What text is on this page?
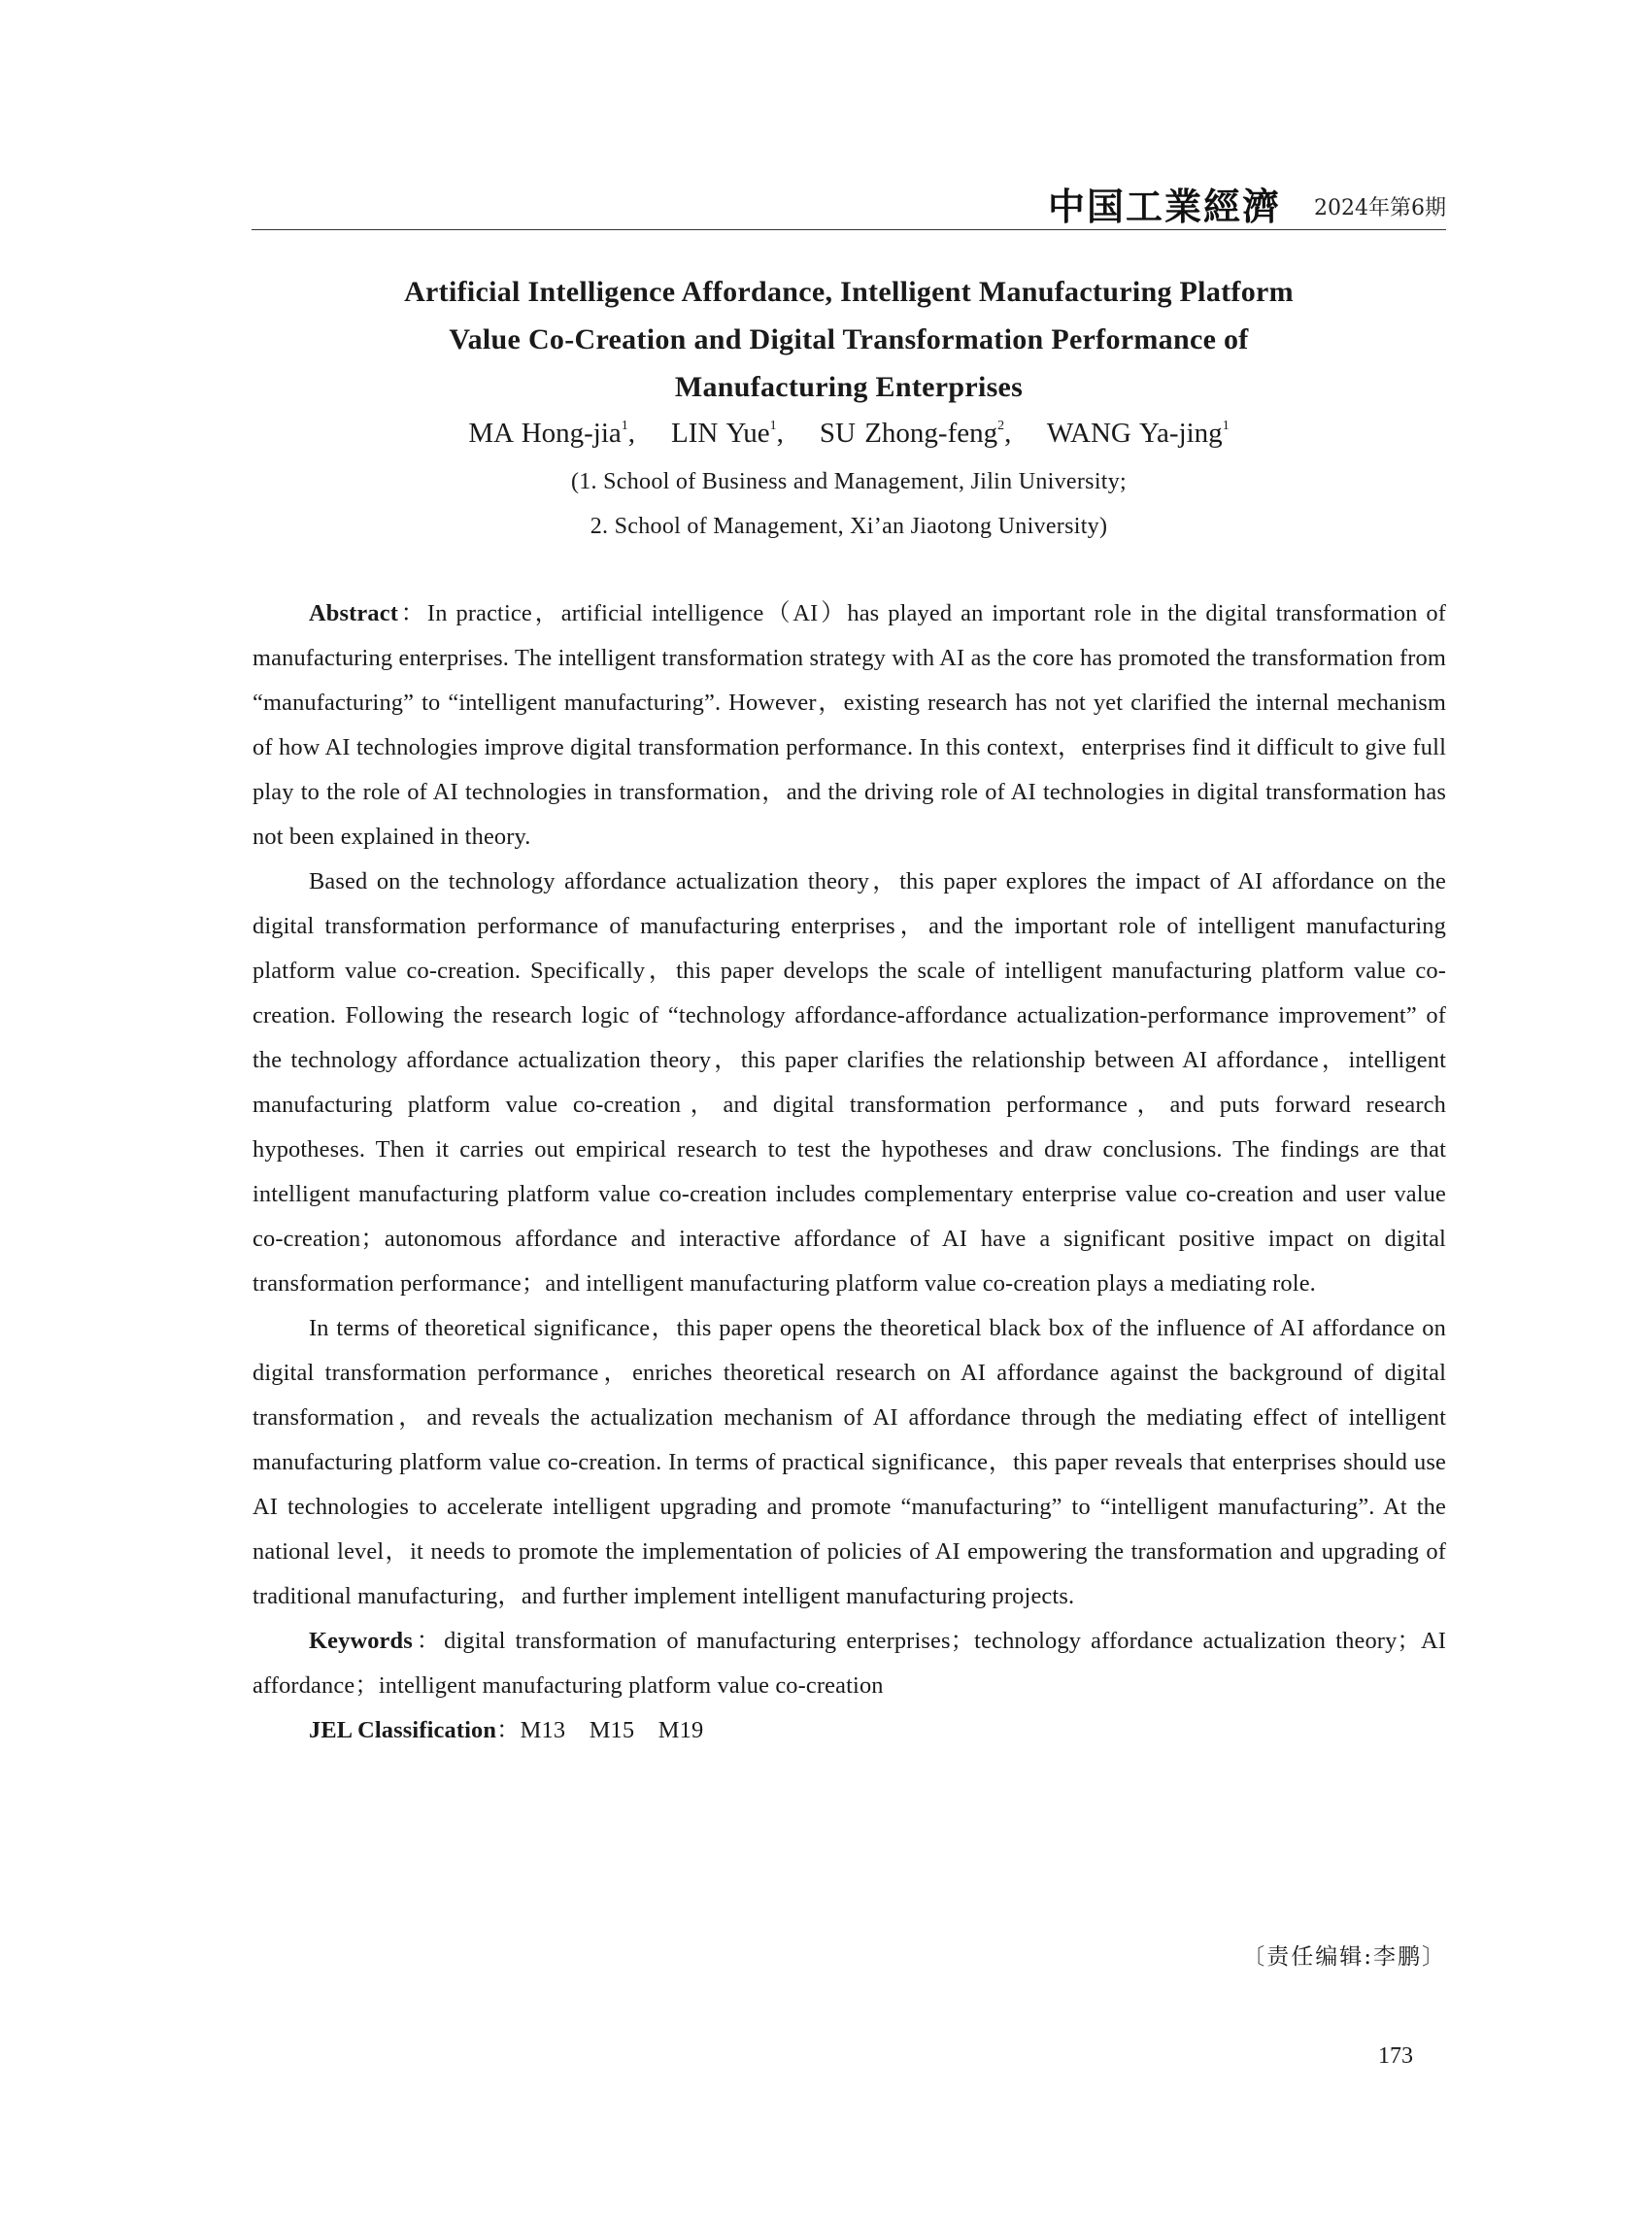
中国工業經濟 2024年第6期
Artificial Intelligence Affordance, Intelligent Manufacturing Platform
Value Co-Creation and Digital Transformation Performance of
Manufacturing Enterprises
MA Hong-jia$^1$, LIN Yue$^1$, SU Zhong-feng$^2$, WANG Ya-jing$^1$
(1. School of Business and Management, Jilin University;
2. School of Management, Xi’an Jiaotong University)

Abstract：In practice，artificial intelligence（AI）has played an important role in the digital transformation of manufacturing enterprises. The intelligent transformation strategy with AI as the core has promoted the transformation from “manufacturing” to “intelligent manufacturing”. However，existing research has not yet clarified the internal mechanism of how AI technologies improve digital transformation performance. In this context，enterprises find it difficult to give full play to the role of AI technologies in transformation，and the driving role of AI technologies in digital transformation has not been explained in theory.

Based on the technology affordance actualization theory，this paper explores the impact of AI affordance on the digital transformation performance of manufacturing enterprises，and the important role of intelligent manufacturing platform value co-creation. Specifically，this paper develops the scale of intelligent manufacturing platform value co-creation. Following the research logic of “technology affordance-affordance actualization-performance improvement” of the technology affordance actualization theory，this paper clarifies the relationship between AI affordance，intelligent manufacturing platform value co-creation，and digital transformation performance，and puts forward research hypotheses. Then it carries out empirical research to test the hypotheses and draw conclusions. The findings are that intelligent manufacturing platform value co-creation includes complementary enterprise value co-creation and user value co-creation；autonomous affordance and interactive affordance of AI have a significant positive impact on digital transformation performance；and intelligent manufacturing platform value co-creation plays a mediating role.

In terms of theoretical significance，this paper opens the theoretical black box of the influence of AI affordance on digital transformation performance，enriches theoretical research on AI affordance against the background of digital transformation，and reveals the actualization mechanism of AI affordance through the mediating effect of intelligent manufacturing platform value co-creation. In terms of practical significance，this paper reveals that enterprises should use AI technologies to accelerate intelligent upgrading and promote “manufacturing” to “intelligent manufacturing”. At the national level，it needs to promote the implementation of policies of AI empowering the transformation and upgrading of traditional manufacturing，and further implement intelligent manufacturing projects.

Keywords：digital transformation of manufacturing enterprises；technology affordance actualization theory；AI affordance；intelligent manufacturing platform value co-creation

JEL Classification：M13　M15　M19

〔责任编辑:李鹏〕
173
